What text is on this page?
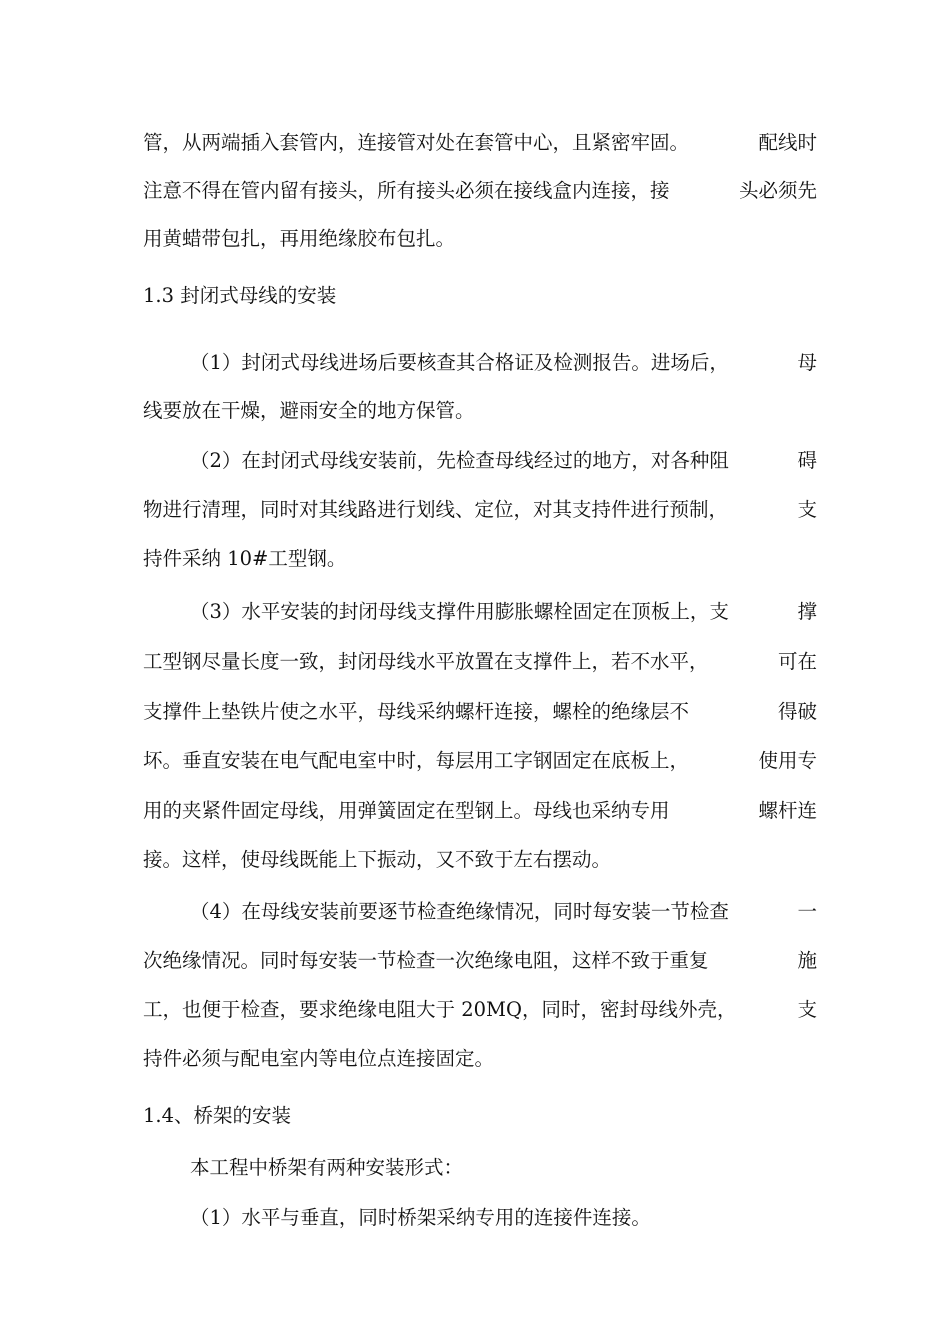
管，从两端插入套管内，连接管对处在套管中心，且紧密牢固。	配线时
注意不得在管内留有接头，所有接头必须在接线盒内连接，接	头必须先
用黄蜡带包扎，再用绝缘胶布包扎。
1.3 封闭式母线的安装
（1）封闭式母线进场后要核查其合格证及检测报告。进场后，	母
线要放在干燥，避雨安全的地方保管。
（2）在封闭式母线安装前，先检查母线经过的地方，对各种阻	碍
物进行清理，同时对其线路进行划线、定位，对其支持件进行预制，	支
持件采纳 10#工型钢。
（3）水平安装的封闭母线支撑件用膨胀螺栓固定在顶板上，支	撑
工型钢尽量长度一致，封闭母线水平放置在支撑件上，若不水平，	可在
支撑件上垫铁片使之水平，母线采纳螺杆连接，螺栓的绝缘层不	得破
坏。垂直安装在电气配电室中时，每层用工字钢固定在底板上，	使用专
用的夹紧件固定母线，用弹簧固定在型钢上。母线也采纳专用	螺杆连
接。这样，使母线既能上下振动，又不致于左右摆动。
（4）在母线安装前要逐节检查绝缘情况，同时每安装一节检查	一
次绝缘情况。同时每安装一节检查一次绝缘电阻，这样不致于重复	施
工，也便于检查，要求绝缘电阻大于 20MQ，同时，密封母线外壳，	支
持件必须与配电室内等电位点连接固定。
1.4、桥架的安装
本工程中桥架有两种安装形式：
（1）水平与垂直，同时桥架采纳专用的连接件连接。
